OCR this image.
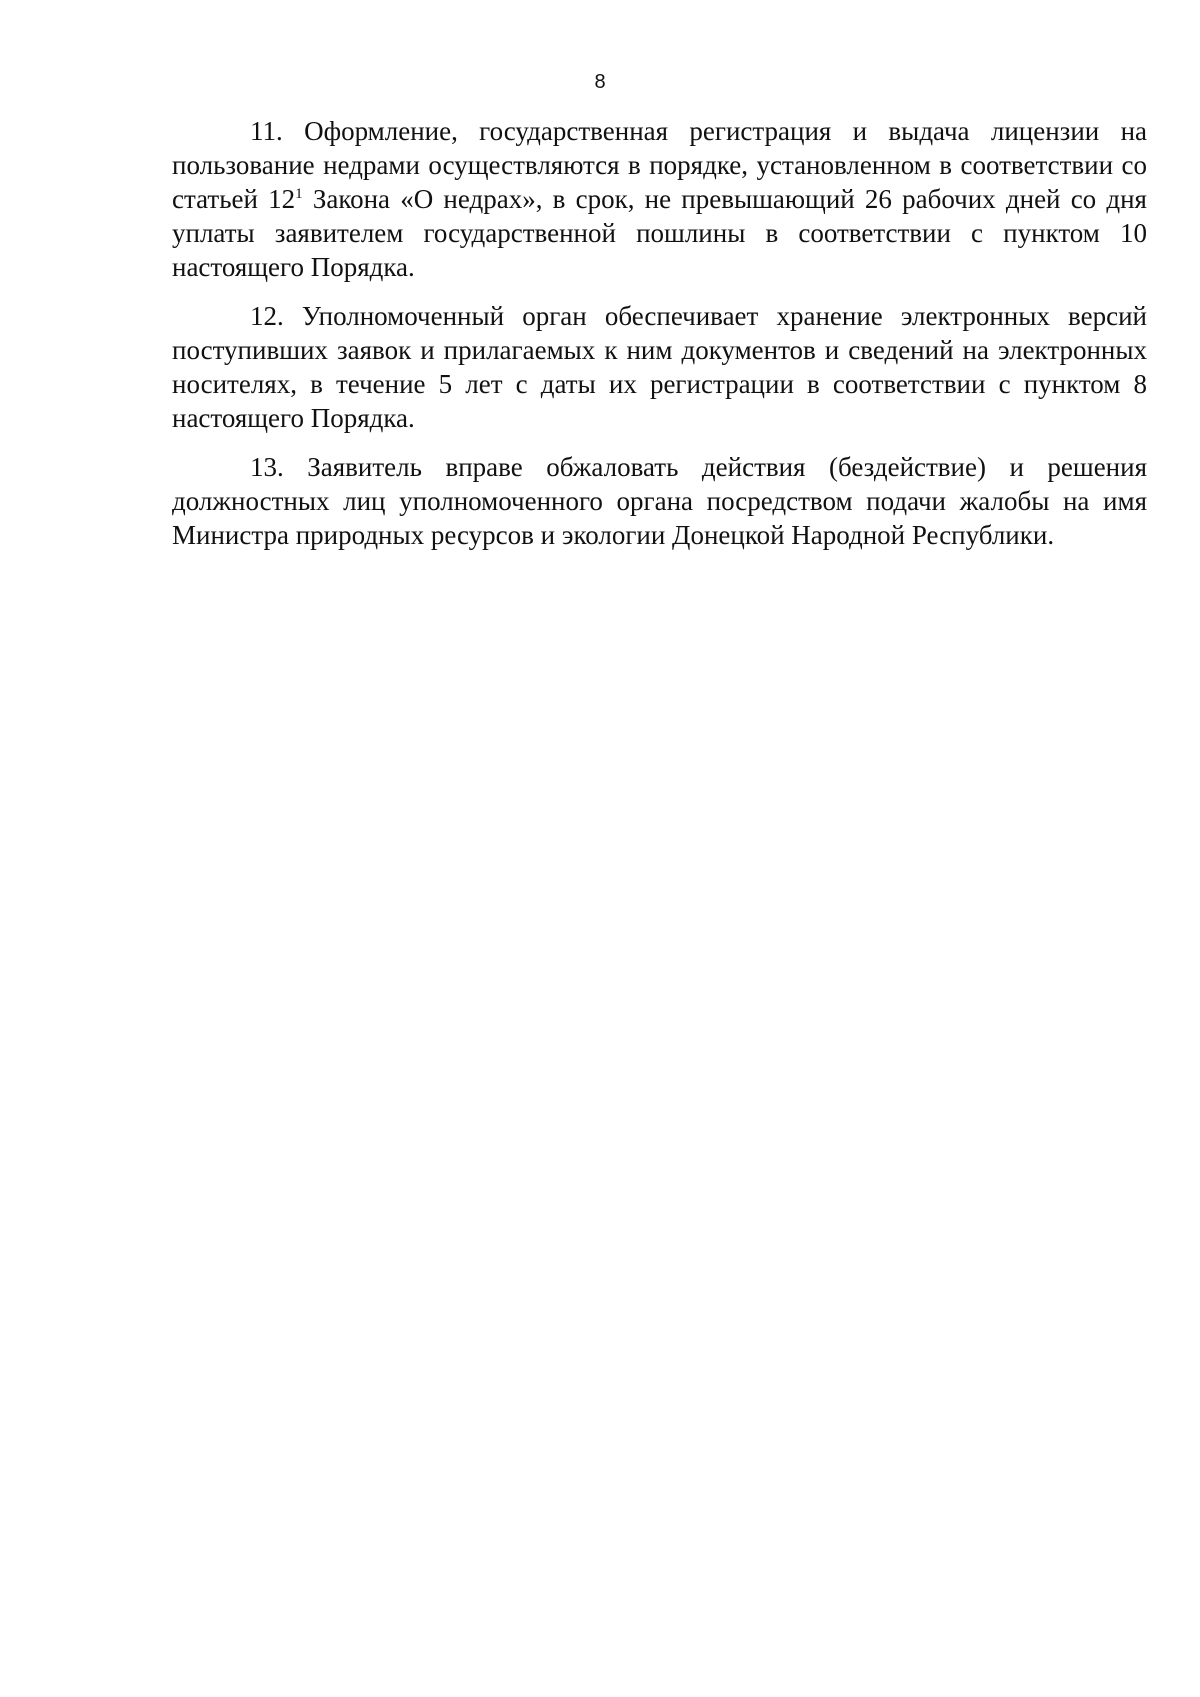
8

11. Оформление, государственная регистрация и выдача лицензии на пользование недрами осуществляются в порядке, установленном в соответствии со статьей $12^1$ Закона «О недрах», в срок, не превышающий 26 рабочих дней со дня уплаты заявителем государственной пошлины в соответствии с пунктом 10 настоящего Порядка.

12. Уполномоченный орган обеспечивает хранение электронных версий поступивших заявок и прилагаемых к ним документов и сведений на электронных носителях, в течение 5 лет с даты их регистрации в соответствии с пунктом 8 настоящего Порядка.

13. Заявитель вправе обжаловать действия (бездействие) и решения должностных лиц уполномоченного органа посредством подачи жалобы на имя Министра природных ресурсов и экологии Донецкой Народной Республики.
